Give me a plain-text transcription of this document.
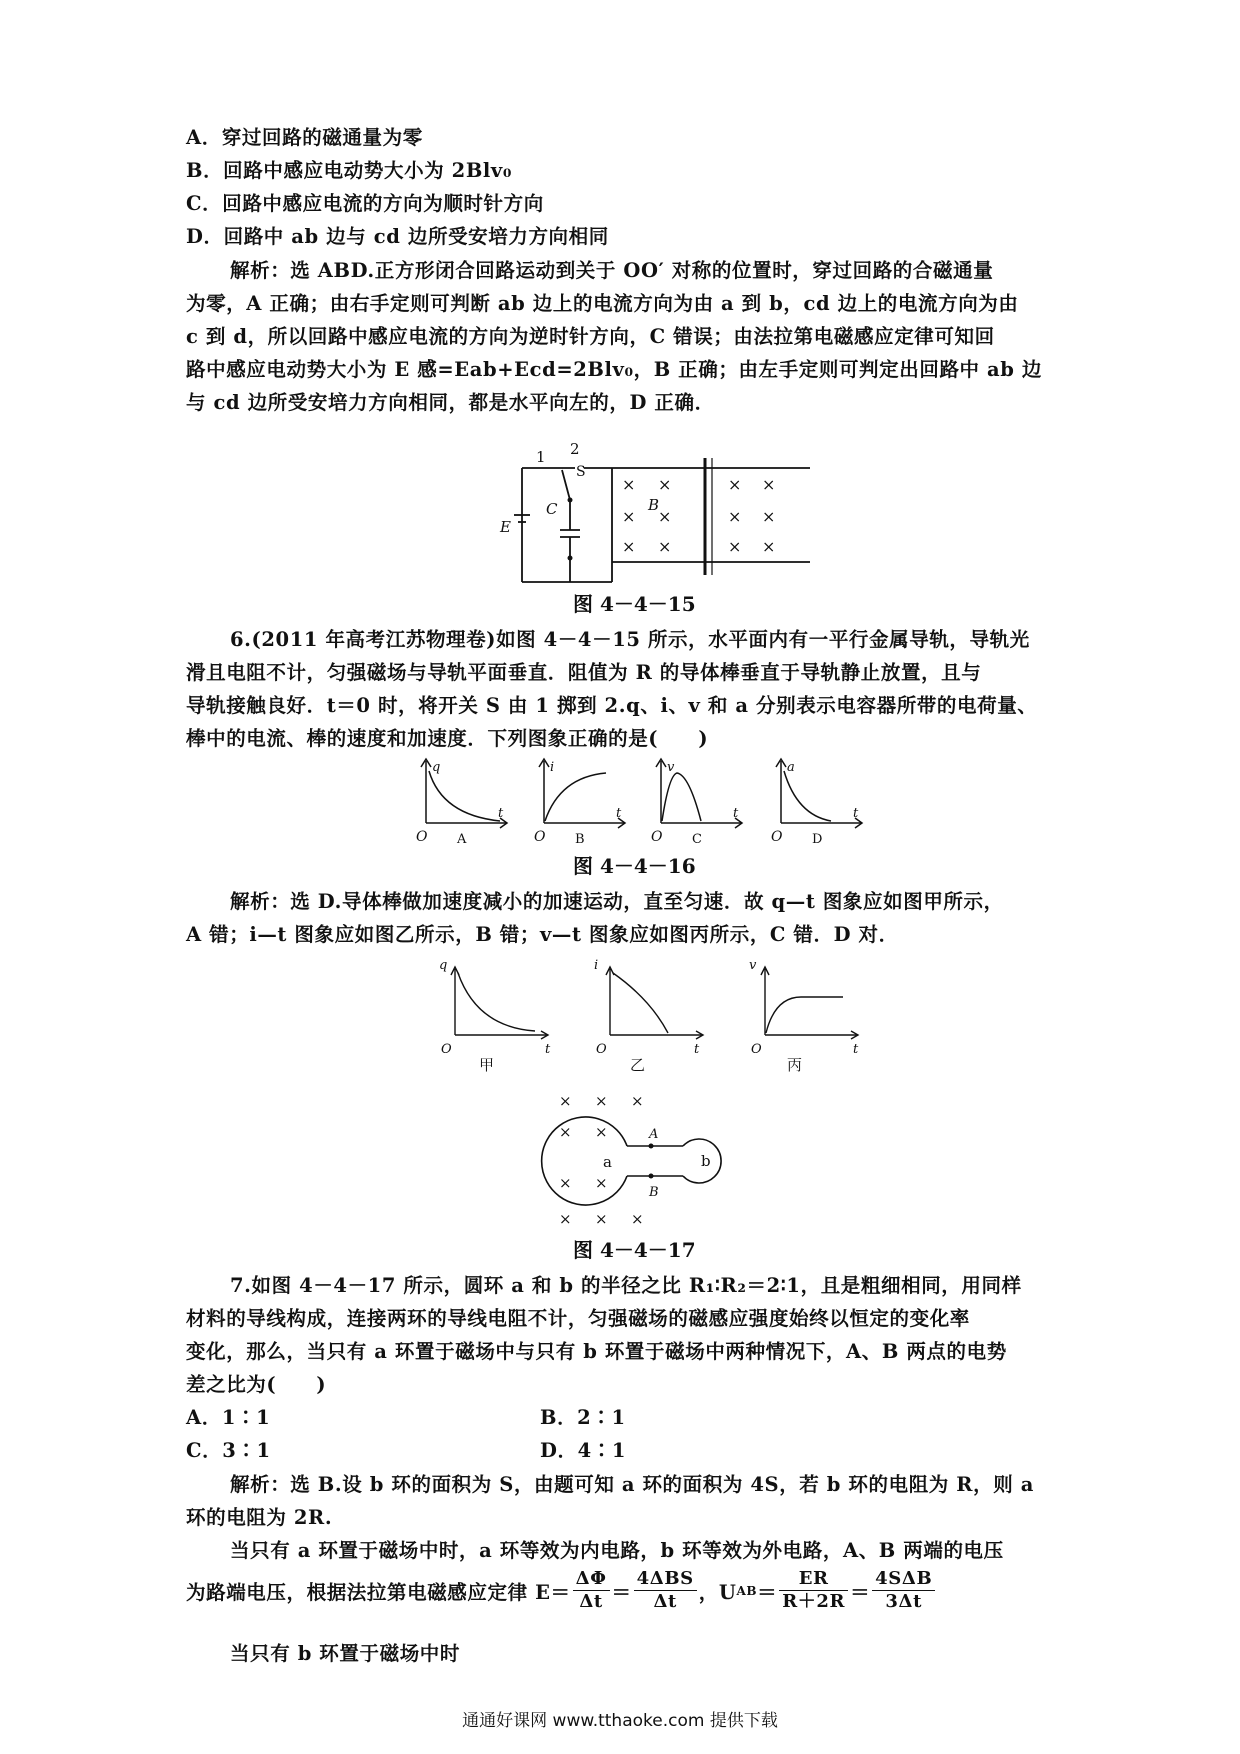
A．穿过回路的磁通量为零
B．回路中感应电动势大小为 2Blv₀
C．回路中感应电流的方向为顺时针方向
D．回路中 ab 边与 cd 边所受安培力方向相同
解析：选 ABD.正方形闭合回路运动到关于 OO′ 对称的位置时，穿过回路的合磁通量
为零，A 正确；由右手定则可判断 ab 边上的电流方向为由 a 到 b，cd 边上的电流方向为由
c 到 d，所以回路中感应电流的方向为逆时针方向，C 错误；由法拉第电磁感应定律可知回
路中感应电动势大小为 E 感=Eab+Ecd=2Blv₀，B 正确；由左手定则可判定出回路中 ab 边
与 cd 边所受安培力方向相同，都是水平向左的，D 正确．
1 2
S
E
C	B
× ×	× ×
× ×	× ×
× ×	× ×
图 4－4－15
6.(2011 年高考江苏物理卷)如图 4－4－15 所示，水平面内有一平行金属导轨，导轨光
滑且电阻不计，匀强磁场与导轨平面垂直．阻值为 R 的导体棒垂直于导轨静止放置，且与
导轨接触良好．t＝0 时，将开关 S 由 1 掷到 2.q、i、v 和 a 分别表示电容器所带的电荷量、
棒中的电流、棒的速度和加速度．下列图象正确的是(　　)
O
q
t
A	O
i
t
B	O
v
t
C	O
a
t
D
图 4－4－16
解析：选 D.导体棒做加速度减小的加速运动，直至匀速．故 q—t 图象应如图甲所示，
A 错；i—t 图象应如图乙所示，B 错；v—t 图象应如图丙所示，C 错．D 对．
q
O	t
甲
i
O	t
乙
v
O	t
丙
× × ×
× ×
× ×
× × ×
a	b
A
B
图 4－4－17
7.如图 4－4－17 所示，圆环 a 和 b 的半径之比 R₁∶R₂＝2∶1，且是粗细相同，用同样
材料的导线构成，连接两环的导线电阻不计，匀强磁场的磁感应强度始终以恒定的变化率
变化，那么，当只有 a 环置于磁场中与只有 b 环置于磁场中两种情况下，A、B 两点的电势
差之比为(　　)
A．1∶1	B．2∶1
C．3∶1	D．4∶1
解析：选 B.设 b 环的面积为 S，由题可知 a 环的面积为 4S，若 b 环的电阻为 R，则 a
环的电阻为 2R.
当只有 a 环置于磁场中时，a 环等效为内电路，b 环等效为外电路，A、B 两端的电压
为路端电压，根据法拉第电磁感应定律 $E= \frac{\Delta\Phi}{\Delta t} = \frac{\text{4ΔBS}}{\Delta t}$ ，U AB ＝ $\frac{ER}{R+2R} = \frac{\text{4SΔB}}{3\Delta t}$
当只有 b 环置于磁场中时
通通好课网 www.tthaoke.com 提供下载
